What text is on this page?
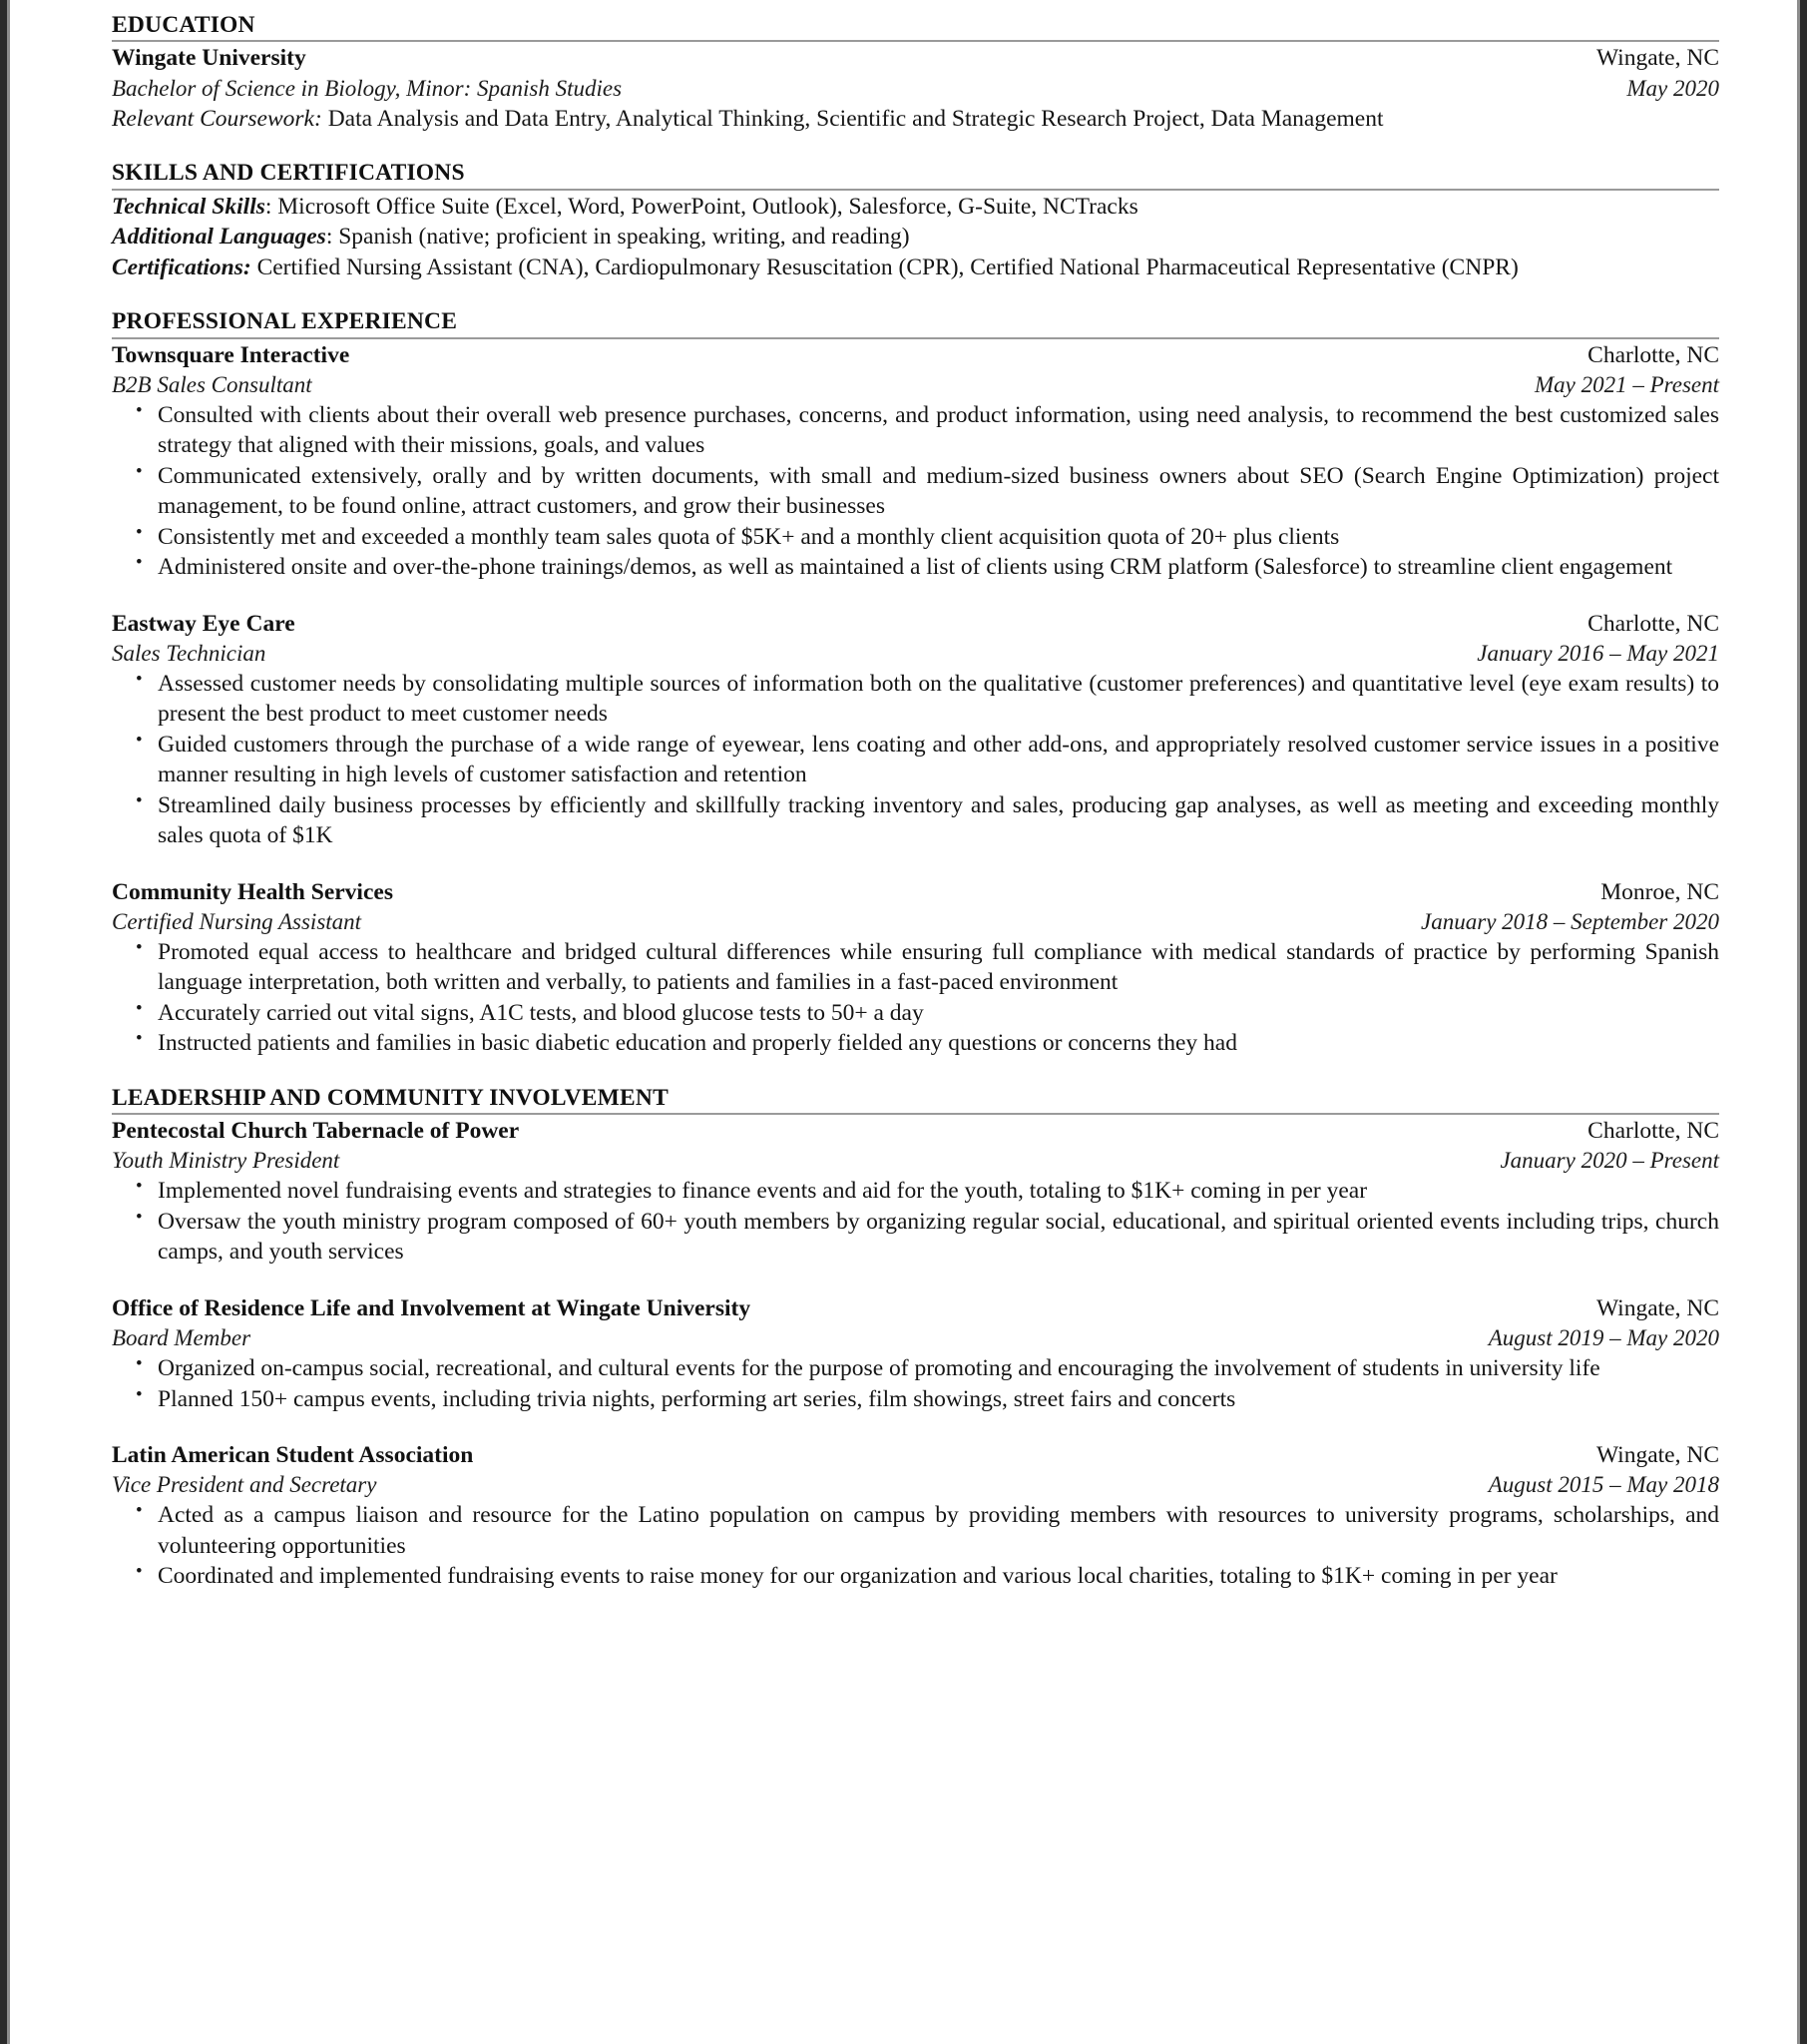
EDUCATION
Wingate University	Wingate, NC
Bachelor of Science in Biology, Minor: Spanish Studies	May 2020
Relevant Coursework: Data Analysis and Data Entry, Analytical Thinking, Scientific and Strategic Research Project, Data Management
SKILLS AND CERTIFICATIONS
Technical Skills: Microsoft Office Suite (Excel, Word, PowerPoint, Outlook), Salesforce, G-Suite, NCTracks
Additional Languages: Spanish (native; proficient in speaking, writing, and reading)
Certifications: Certified Nursing Assistant (CNA), Cardiopulmonary Resuscitation (CPR), Certified National Pharmaceutical Representative (CNPR)
PROFESSIONAL EXPERIENCE
Townsquare Interactive	Charlotte, NC
B2B Sales Consultant	May 2021 – Present
• Consulted with clients about their overall web presence purchases, concerns, and product information, using need analysis, to recommend the best customized sales strategy that aligned with their missions, goals, and values
• Communicated extensively, orally and by written documents, with small and medium-sized business owners about SEO (Search Engine Optimization) project management, to be found online, attract customers, and grow their businesses
• Consistently met and exceeded a monthly team sales quota of $5K+ and a monthly client acquisition quota of 20+ plus clients
• Administered onsite and over-the-phone trainings/demos, as well as maintained a list of clients using CRM platform (Salesforce) to streamline client engagement
Eastway Eye Care	Charlotte, NC
Sales Technician	January 2016 – May 2021
• Assessed customer needs by consolidating multiple sources of information both on the qualitative (customer preferences) and quantitative level (eye exam results) to present the best product to meet customer needs
• Guided customers through the purchase of a wide range of eyewear, lens coating and other add-ons, and appropriately resolved customer service issues in a positive manner resulting in high levels of customer satisfaction and retention
• Streamlined daily business processes by efficiently and skillfully tracking inventory and sales, producing gap analyses, as well as meeting and exceeding monthly sales quota of $1K
Community Health Services	Monroe, NC
Certified Nursing Assistant	January 2018 – September 2020
• Promoted equal access to healthcare and bridged cultural differences while ensuring full compliance with medical standards of practice by performing Spanish language interpretation, both written and verbally, to patients and families in a fast-paced environment
• Accurately carried out vital signs, A1C tests, and blood glucose tests to 50+ a day
• Instructed patients and families in basic diabetic education and properly fielded any questions or concerns they had
LEADERSHIP AND COMMUNITY INVOLVEMENT
Pentecostal Church Tabernacle of Power	Charlotte, NC
Youth Ministry President	January 2020 – Present
• Implemented novel fundraising events and strategies to finance events and aid for the youth, totaling to $1K+ coming in per year
• Oversaw the youth ministry program composed of 60+ youth members by organizing regular social, educational, and spiritual oriented events including trips, church camps, and youth services
Office of Residence Life and Involvement at Wingate University	Wingate, NC
Board Member	August 2019 – May 2020
• Organized on-campus social, recreational, and cultural events for the purpose of promoting and encouraging the involvement of students in university life
• Planned 150+ campus events, including trivia nights, performing art series, film showings, street fairs and concerts
Latin American Student Association	Wingate, NC
Vice President and Secretary	August 2015 – May 2018
• Acted as a campus liaison and resource for the Latino population on campus by providing members with resources to university programs, scholarships, and volunteering opportunities
• Coordinated and implemented fundraising events to raise money for our organization and various local charities, totaling to $1K+ coming in per year
